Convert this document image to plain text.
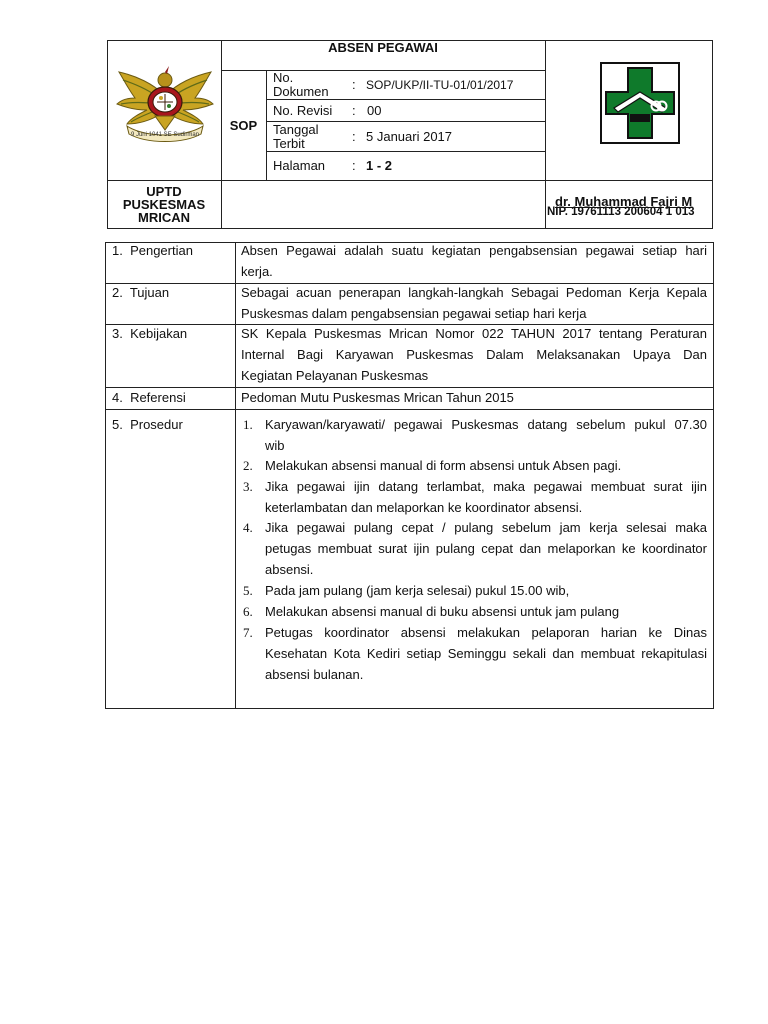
9 Juni 1041 SE Sudirman
ABSEN PEGAWAI
SOP
No.
Dokumen : SOP/UKP/II-TU-01/01/2017
No. Revisi : 00
Tanggal
Terbit	: 5 Januari 2017
Halaman : 1 - 2
UPTD
PUSKESMAS
MRICAN
dr. Muhammad Fajri M
NIP. 19761113 200604 1 013
1.  Pengertian
2.  Tujuan
3.  Kebijakan
4.  Referensi
5.  Prosedur
Absen Pegawai adalah suatu kegiatan pengabsensian pegawai setiap hari
kerja.
Sebagai acuan penerapan langkah-langkah Sebagai Pedoman Kerja Kepala
Puskesmas dalam pengabsensian pegawai setiap hari kerja
SK Kepala Puskesmas Mrican Nomor 022 TAHUN 2017 tentang Peraturan
Internal Bagi Karyawan Puskesmas Dalam Melaksanakan Upaya Dan
Kegiatan Pelayanan Puskesmas
Pedoman Mutu Puskesmas Mrican Tahun 2015
1. Karyawan/karyawati/ pegawai Puskesmas datang sebelum pukul 07.30
wib
2. Melakukan absensi manual di form absensi untuk Absen pagi.
3. Jika pegawai ijin datang terlambat, maka pegawai membuat surat ijin
keterlambatan dan melaporkan ke koordinator absensi.
4. Jika pegawai pulang cepat / pulang sebelum jam kerja selesai maka
petugas membuat surat ijin pulang cepat dan melaporkan ke koordinator
absensi.
5. Pada jam pulang (jam kerja selesai) pukul 15.00 wib,
6. Melakukan absensi manual di buku absensi untuk jam pulang
7. Petugas koordinator absensi melakukan pelaporan harian ke Dinas
Kesehatan Kota Kediri setiap Seminggu sekali dan membuat rekapitulasi
absensi bulanan.
